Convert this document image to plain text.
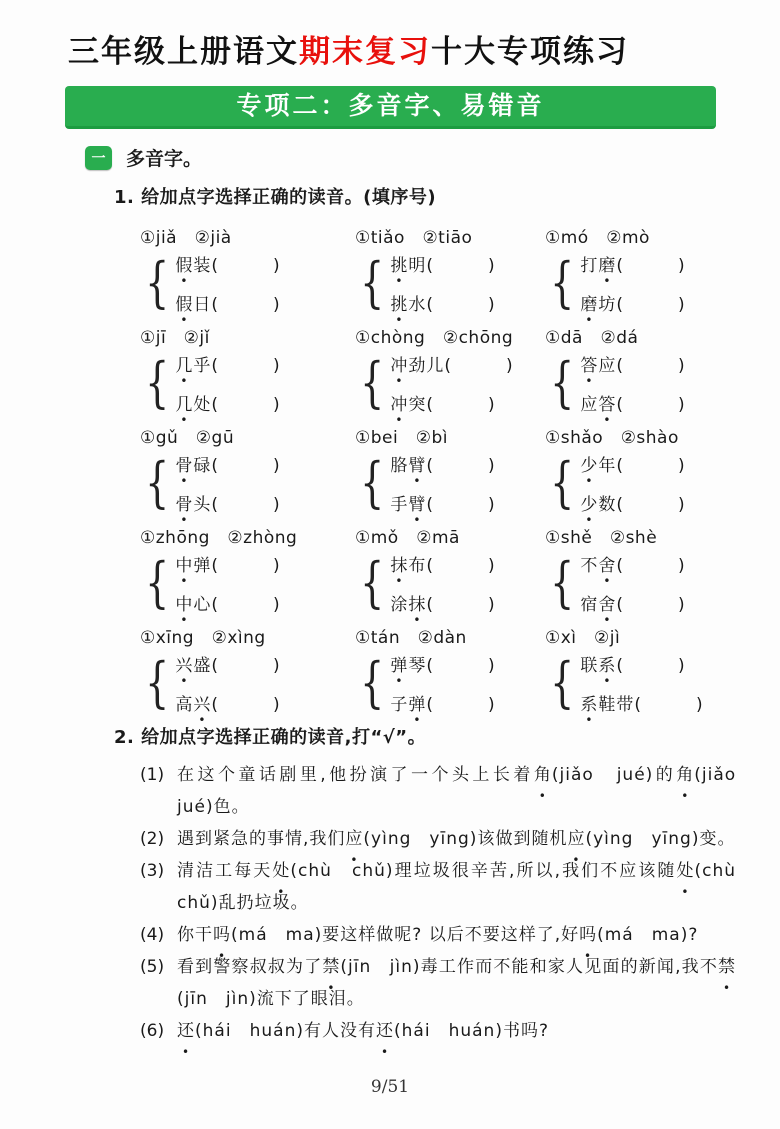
三年级上册语文期末复习十大专项练习
专项二：多音字、易错音
一	多音字。
1. 给加点字选择正确的读音。(填序号)
①jiǎ　②jià
{ 假装(　　　	)
假日(　　　	)
①tiǎo　②tiāo
{ 挑明(　　　	)
挑水(　　　	)
①mó　②mò
{ 打磨(　　　	)
磨坊(　　　	)
①jī　②jǐ
{ 几乎(　　　	)
几处(　　　	)
①chòng　②chōng
{ 冲劲儿(　　　	)
冲突(　　　	)
①dā　②dá
{ 答应(　　　	)
应答(　　　	)
①gǔ　②gū
{ 骨碌(　　　	)
骨头(　　　	)
①bei　②bì
{ 胳臂(　　　	)
手臂(　　　	)
①shǎo　②shào
{ 少年(　　　	)
少数(　　　	)
①zhōng　②zhòng
{ 中弹(　　　	)
中心(　　　	)
①mǒ　②mā
{ 抹布(　　　	)
涂抹(　　　	)
①shě　②shè
{ 不舍(　　　	)
宿舍(　　　	)
①xīng　②xìng
{ 兴盛(　　　	)
高兴(　　　	)
①tán　②dàn
{ 弹琴(　　　	)
子弹(　　　	)
①xì　②jì
{ 联系(　　　	)
系鞋带(　　　	)
2. 给加点字选择正确的读音,打“√”。
(1) 在这个童话剧里,他扮演了一个头上长着角(jiǎo　 jué)的角(jiǎo　jué)色。
(2) 遇到紧急的事情,我们应(yìng　 yīng)该做到随机应(yìng　 yīng)变。
(3) 清洁工每天处(chù　 chǔ)理垃圾很辛苦,所以,我们不应该随处(chù　chǔ)乱扔垃圾。
(4) 你干吗(má　 ma)要这样做呢? 以后不要这样了,好吗(má　 ma)?
(5) 看到警察叔叔为了禁(jīn　 jìn)毒工作而不能和家人见面的新闻,我不禁(jīn　 jìn)流下了眼泪。
(6) 还(hái　 huán)有人没有还(hái　 huán)书吗?
9/51
